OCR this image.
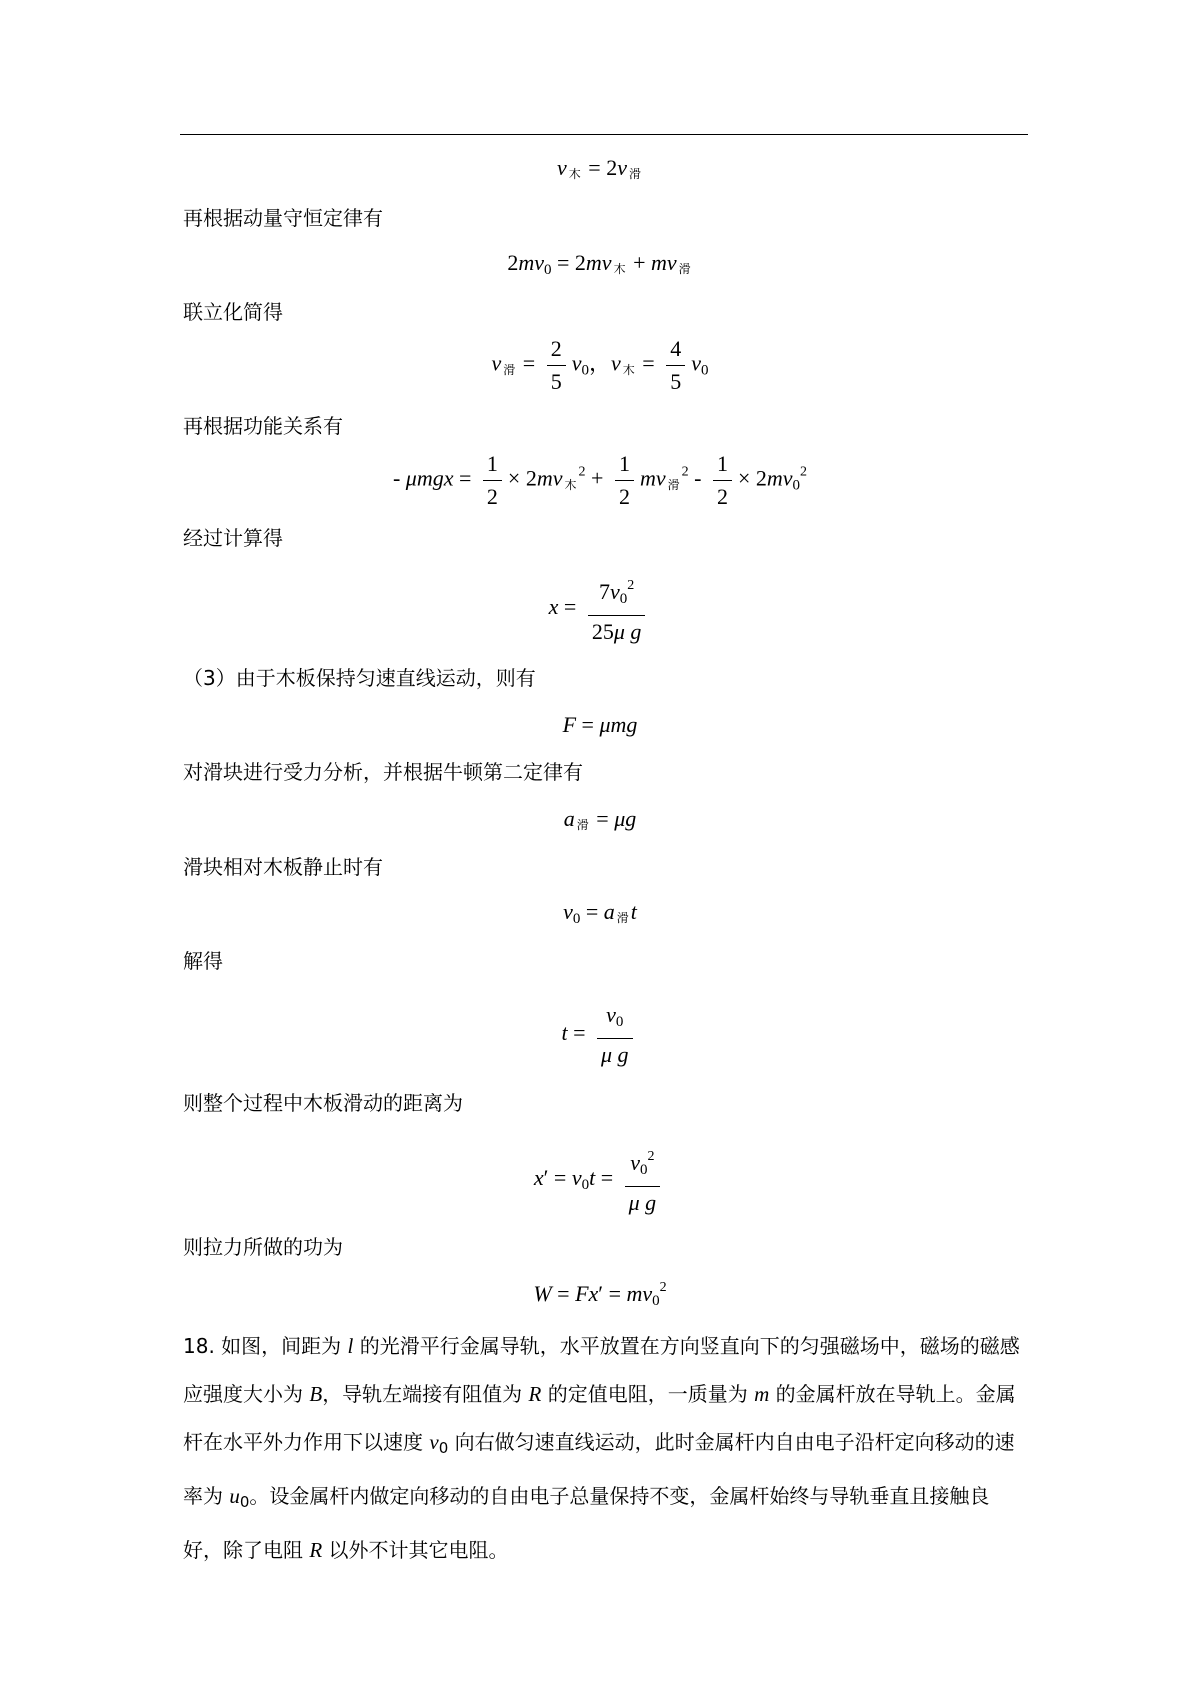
v 木 = 2v 滑
再根据动量守恒定律有
$2mv_0 = 2mv$ 木 + mv 滑
联立化简得
v 滑 = $\frac{2}{5} v_0$，v 木 = $\frac{4}{5} v_0$
再根据功能关系有
- $\mu mgx = \frac{1}{2} \times 2mv$ 木$^2 + \frac{1}{2}$ mv 滑$^2 - \frac{1}{2} \times 2mv_0^2$
经过计算得
$x = \frac{7v_0^2}{\text{25μ g}}$
（3）由于木板保持匀速直线运动，则有
F = μmg
对滑块进行受力分析，并根据牛顿第二定律有
a 滑 = μg
滑块相对木板静止时有
$v_0 = a$ 滑t
解得
$t = \frac{v_0}{\text{μ g}}$
则整个过程中木板滑动的距离为
$x' = v_0t = \frac{v_0^2}{\text{μ g}}$
则拉力所做的功为
$W = Fx' = mv_0^2$
18. 如图，间距为 l 的光滑平行金属导轨，水平放置在方向竖直向下的匀强磁场中，磁场的磁感应强度大小为 B，导轨左端接有阻值为 R 的定值电阻，一质量为 m 的金属杆放在导轨上。金属杆在水平外力作用下以速度 $v_0$ 向右做匀速直线运动，此时金属杆内自由电子沿杆定向移动的速率为 $u_0$。设金属杆内做定向移动的自由电子总量保持不变，金属杆始终与导轨垂直且接触良好，除了电阻 R 以外不计其它电阻。
